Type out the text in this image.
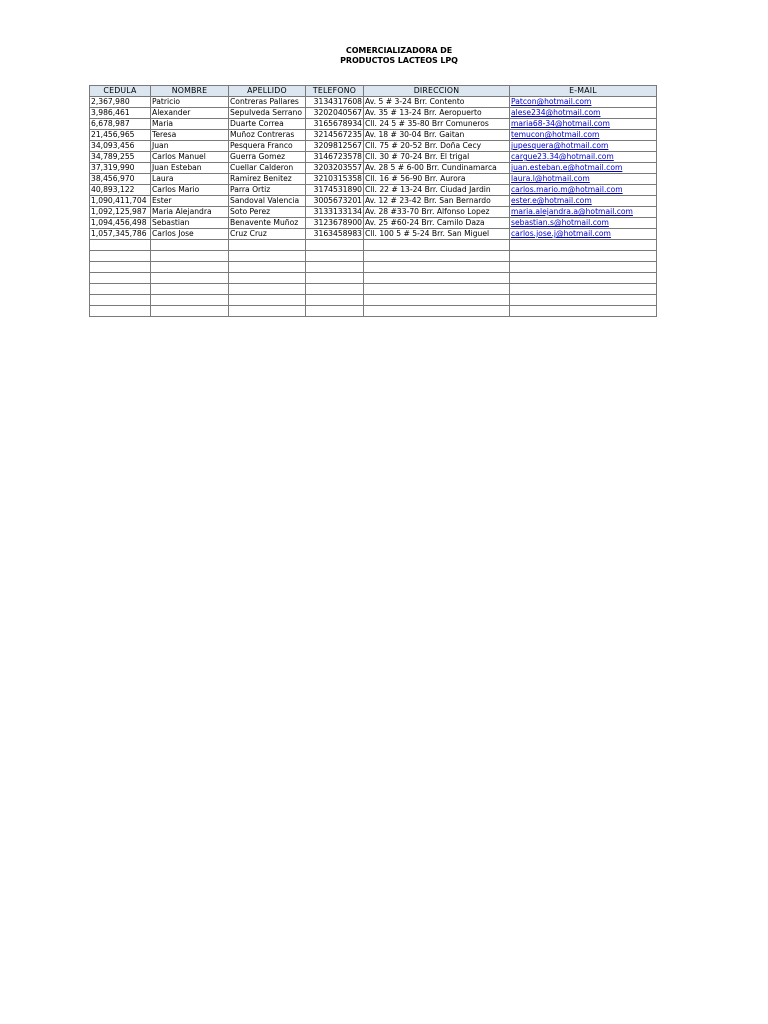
COMERCIALIZADORA DE
PRODUCTOS LACTEOS LPQ
CEDULA	NOMBRE	APELLIDO	TELEFONO	DIRECCION	E-MAIL
2,367,980	Patricio	Contreras Pallares	3134317608	Av. 5 # 3-24 Brr. Contento	Patcon@hotmail.com
3,986,461	Alexander	Sepulveda Serrano	3202040567	Av. 35 # 13-24 Brr. Aeropuerto	alese234@hotmail.com
6,678,987	Maria	Duarte Correa	3165678934	Cll. 24 5 # 35-80 Brr Comuneros	maria68-34@hotmail.com
21,456,965	Teresa	Muñoz Contreras	3214567235	Av. 18 # 30-04 Brr. Gaitan	temucon@hotmail.com
34,093,456	Juan	Pesquera Franco	3209812567	Cll. 75 # 20-52 Brr. Doña Cecy	jupesquera@hotmail.com
34,789,255	Carlos Manuel	Guerra Gomez	3146723578	Cll. 30 # 70-24 Brr. El trigal	cargue23.34@hotmail.com
37,319,990	Juan Esteban	Cuellar Calderon	3203203557	Av. 28 5 # 6-00 Brr. Cundinamarca	juan.esteban.e@hotmail.com
38,456,970	Laura	Ramirez Benitez	3210315358	Cll. 16 # 56-90 Brr. Aurora	laura.l@hotmail.com
40,893,122	Carlos Mario	Parra Ortiz	3174531890	Cll. 22 # 13-24 Brr. Ciudad Jardin	carlos.mario.m@hotmail.com
1,090,411,704	Ester	Sandoval Valencia	3005673201	Av. 12 # 23-42 Brr. San Bernardo	ester.e@hotmail.com
1,092,125,987	Maria Alejandra	Soto Perez	3133133134	Av. 28 #33-70 Brr. Alfonso Lopez	maria.alejandra.a@hotmail.com
1,094,456,498	Sebastian	Benavente Muñoz	3123678900	Av. 25 #60-24 Brr. Camilo Daza	sebastian.s@hotmail.com
1,057,345,786	Carlos Jose	Cruz Cruz	3163458983	Cll. 100 5 # 5-24 Brr. San Miguel	carlos.jose.j@hotmail.com
